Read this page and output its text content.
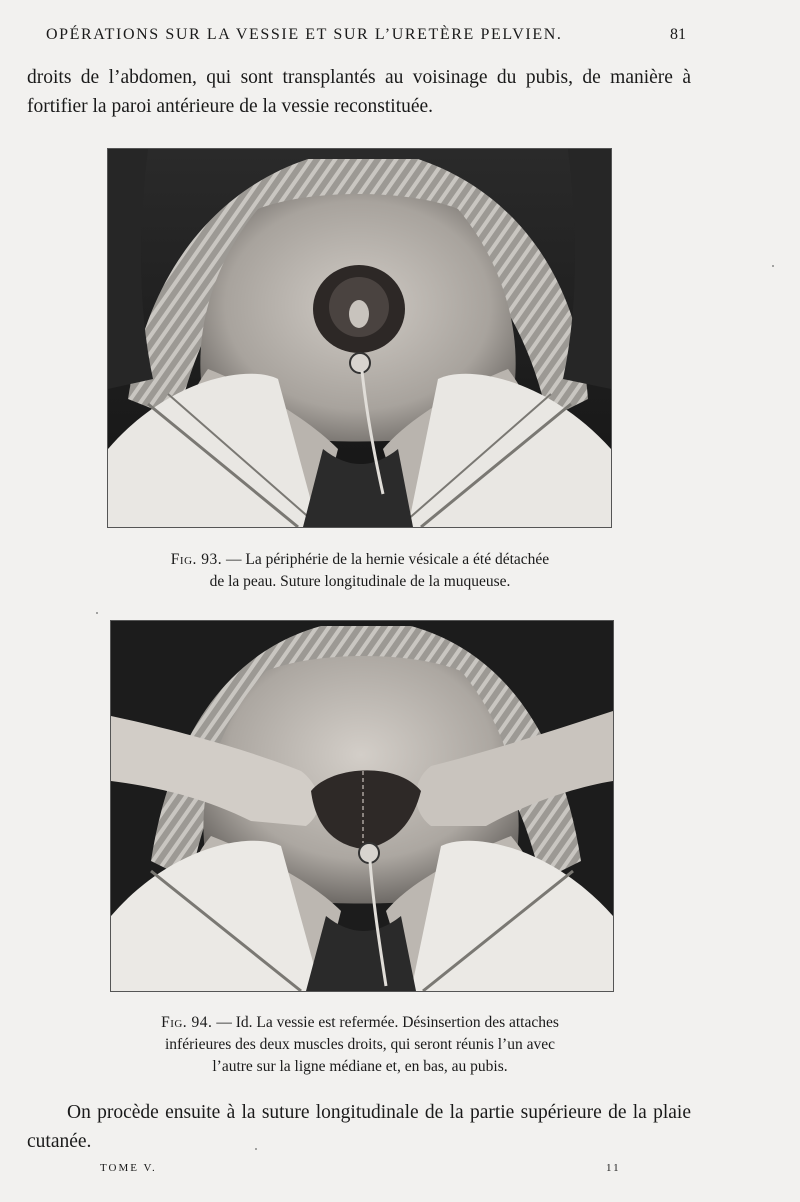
OPÉRATIONS SUR LA VESSIE ET SUR L’URETÈRE PELVIEN.	81

droits de l’abdomen, qui sont transplantés au voisinage du pubis, de manière à fortifier la paroi antérieure de la vessie reconstituée.

Fig. 93. — La périphérie de la hernie vésicale a été détachée
de la peau. Suture longitudinale de la muqueuse.
Fig. 94. — Id. La vessie est refermée. Désinsertion des attaches
inférieures des deux muscles droits, qui seront réunis l’un avec
l’autre sur la ligne médiane et, en bas, au pubis.

On procède ensuite à la suture longitudinale de la partie supérieure de la plaie cutanée.

TOME V.	11
